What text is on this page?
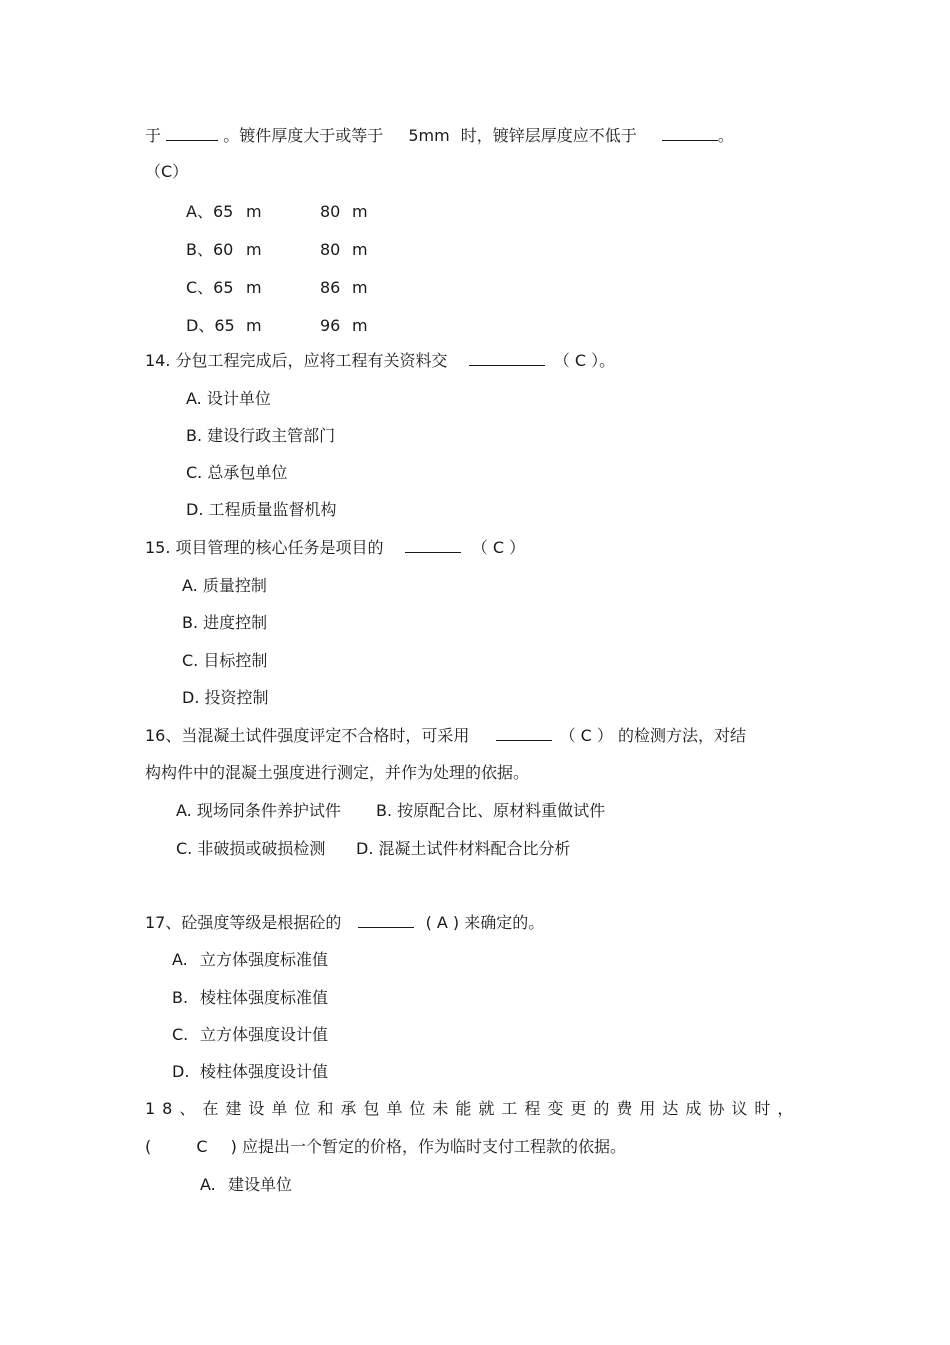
于	。镀件厚度大于或等于 5mm 时，镀锌层厚度应不低于	。
（C）
A、65 m	80 m
B、60 m	80 m
C、65 m	86 m
D、65 m	96 m
14. 分包工程完成后，应将工程有关资料交	（ C ）。
A. 设计单位
B. 建设行政主管部门
C. 总承包单位
D. 工程质量监督机构
15. 项目管理的核心任务是项目的	（ C ）
A. 质量控制
B. 进度控制
C. 目标控制
D. 投资控制
16、当混凝土试件强度评定不合格时，可采用	（ C ） 的检测方法，对结
构构件中的混凝土强度进行测定，并作为处理的依据。
A. 现场同条件养护试件 B. 按原配合比、原材料重做试件
C. 非破损或破损检测 D. 混凝土试件材料配合比分析
17、砼强度等级是根据砼的	( A ) 来确定的。
A. 立方体强度标准值
B. 棱柱体强度标准值
C. 立方体强度设计值
D. 棱柱体强度设计值
18、在建设单位和承包单位未能就工程变更的费用达成协议时，
(	C ) 应提出一个暂定的价格，作为临时支付工程款的依据。
A. 建设单位
